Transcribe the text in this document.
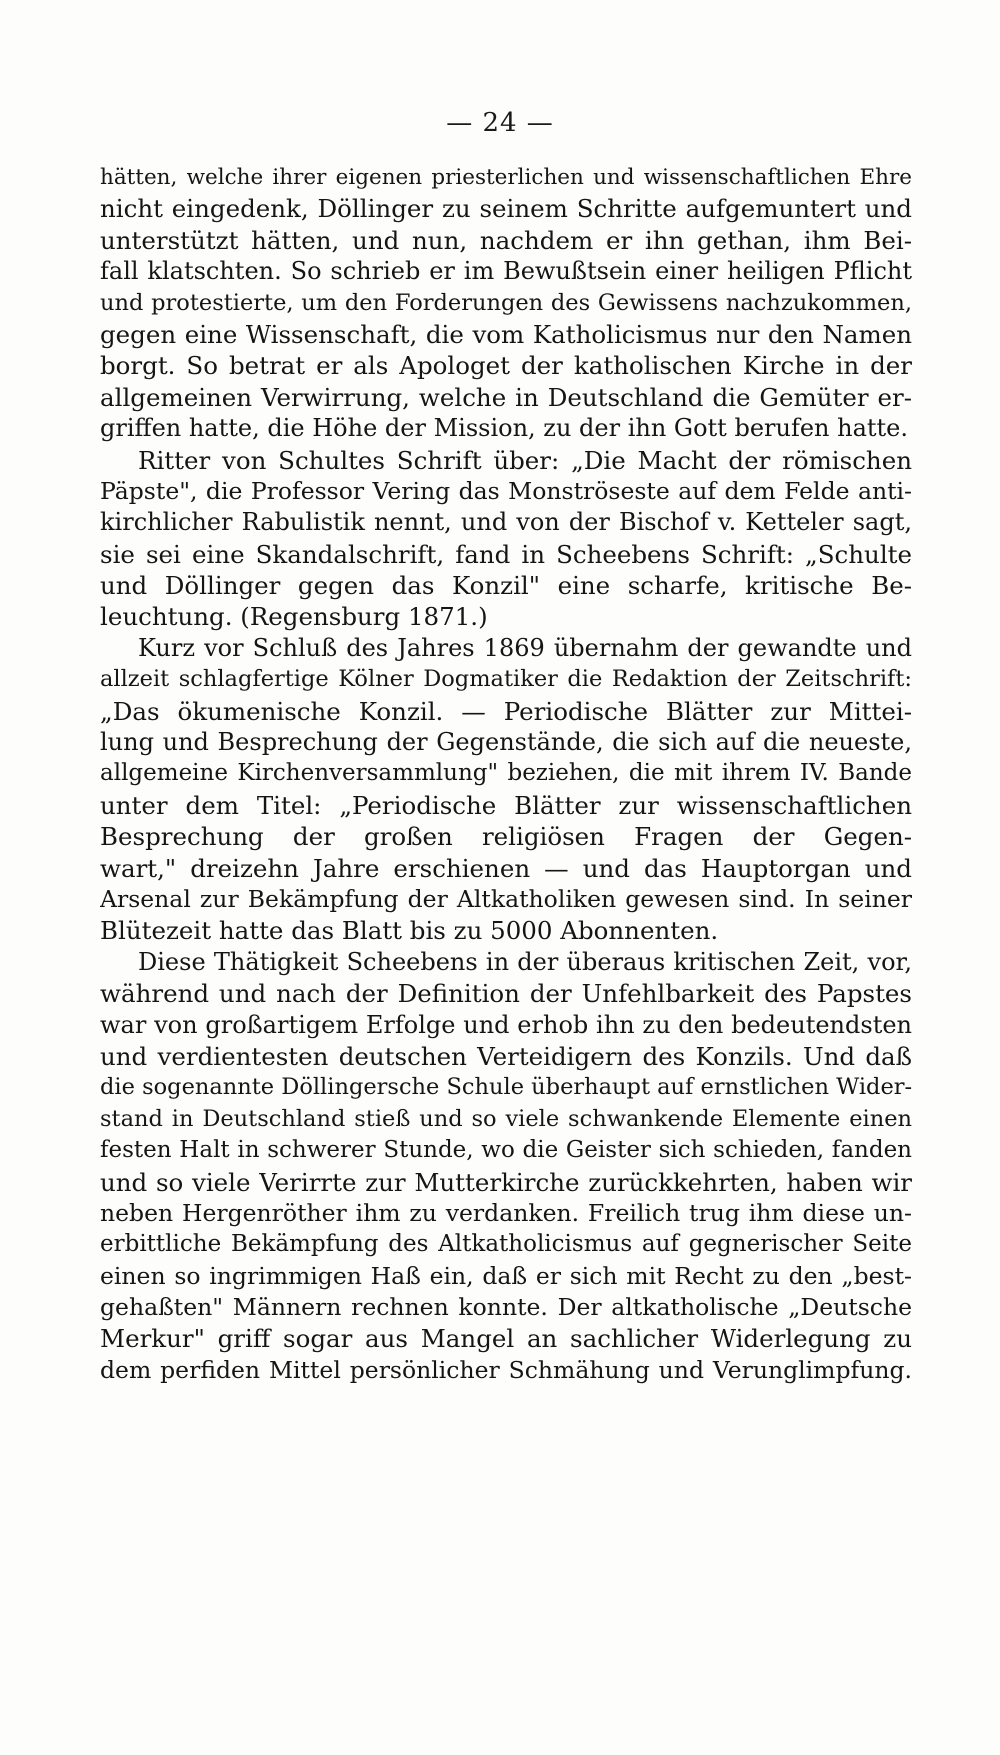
— 24 —
hätten, welche ihrer eigenen priesterlichen und wissenschaftlichen Ehre
nicht eingedenk, Döllinger zu seinem Schritte aufgemuntert und
unterstützt hätten, und nun, nachdem er ihn gethan, ihm Bei-
fall klatschten. So schrieb er im Bewußtsein einer heiligen Pflicht
und protestierte, um den Forderungen des Gewissens nachzukommen,
gegen eine Wissenschaft, die vom Katholicismus nur den Namen
borgt. So betrat er als Apologet der katholischen Kirche in der
allgemeinen Verwirrung, welche in Deutschland die Gemüter er-
griffen hatte, die Höhe der Mission, zu der ihn Gott berufen hatte.
Ritter von Schultes Schrift über: „Die Macht der römischen
Päpste", die Professor Vering das Monströseste auf dem Felde anti-
kirchlicher Rabulistik nennt, und von der Bischof v. Ketteler sagt,
sie sei eine Skandalschrift, fand in Scheebens Schrift: „Schulte
und Döllinger gegen das Konzil" eine scharfe, kritische Be-
leuchtung. (Regensburg 1871.)
Kurz vor Schluß des Jahres 1869 übernahm der gewandte und
allzeit schlagfertige Kölner Dogmatiker die Redaktion der Zeitschrift:
„Das ökumenische Konzil. — Periodische Blätter zur Mittei-
lung und Besprechung der Gegenstände, die sich auf die neueste,
allgemeine Kirchenversammlung" beziehen, die mit ihrem IV. Bande
unter dem Titel: „Periodische Blätter zur wissenschaftlichen
Besprechung der großen religiösen Fragen der Gegen-
wart," dreizehn Jahre erschienen — und das Hauptorgan und
Arsenal zur Bekämpfung der Altkatholiken gewesen sind. In seiner
Blütezeit hatte das Blatt bis zu 5000 Abonnenten.
Diese Thätigkeit Scheebens in der überaus kritischen Zeit, vor,
während und nach der Definition der Unfehlbarkeit des Papstes
war von großartigem Erfolge und erhob ihn zu den bedeutendsten
und verdientesten deutschen Verteidigern des Konzils. Und daß
die sogenannte Döllingersche Schule überhaupt auf ernstlichen Wider-
stand in Deutschland stieß und so viele schwankende Elemente einen
festen Halt in schwerer Stunde, wo die Geister sich schieden, fanden
und so viele Verirrte zur Mutterkirche zurückkehrten, haben wir
neben Hergenröther ihm zu verdanken. Freilich trug ihm diese un-
erbittliche Bekämpfung des Altkatholicismus auf gegnerischer Seite
einen so ingrimmigen Haß ein, daß er sich mit Recht zu den „best-
gehaßten" Männern rechnen konnte. Der altkatholische „Deutsche
Merkur" griff sogar aus Mangel an sachlicher Widerlegung zu
dem perfiden Mittel persönlicher Schmähung und Verunglimpfung.
